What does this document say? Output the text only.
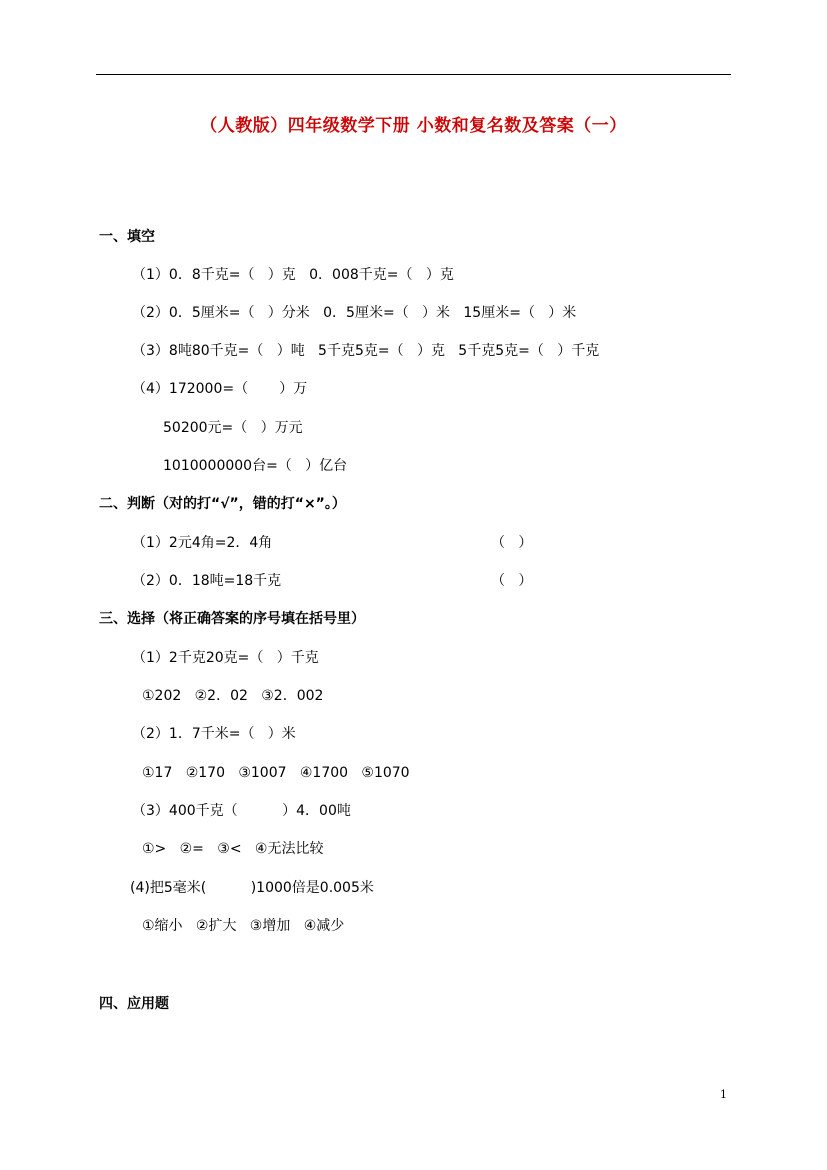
（人教版）四年级数学下册 小数和复名数及答案（一）
一、填空
（1）0．8千克=（   ）克   0．008千克=（   ）克
（2）0．5厘米=（   ）分米   0．5厘米=（   ）米   15厘米=（   ）米
（3）8吨80千克=（   ）吨   5千克5克=（   ）克   5千克5克=（   ）千克
（4）172000=（       ）万
50200元=（   ）万元
1010000000台=（   ）亿台
二、判断（对的打“√”，错的打“×”。）
（1）2元4角=2．4角	（   ）
（2）0．18吨=18千克	（   ）
三、选择（将正确答案的序号填在括号里）
（1）2千克20克=（   ）千克
①202   ②2．02   ③2．002
（2）1．7千米=（   ）米
①17   ②170   ③1007   ④1700   ⑤1070
（3）400千克（          ）4．00吨
①>   ②=   ③<   ④无法比较
(4)把5毫米(          )1000倍是0.005米
①缩小   ②扩大   ③增加   ④减少
四、应用题
1
